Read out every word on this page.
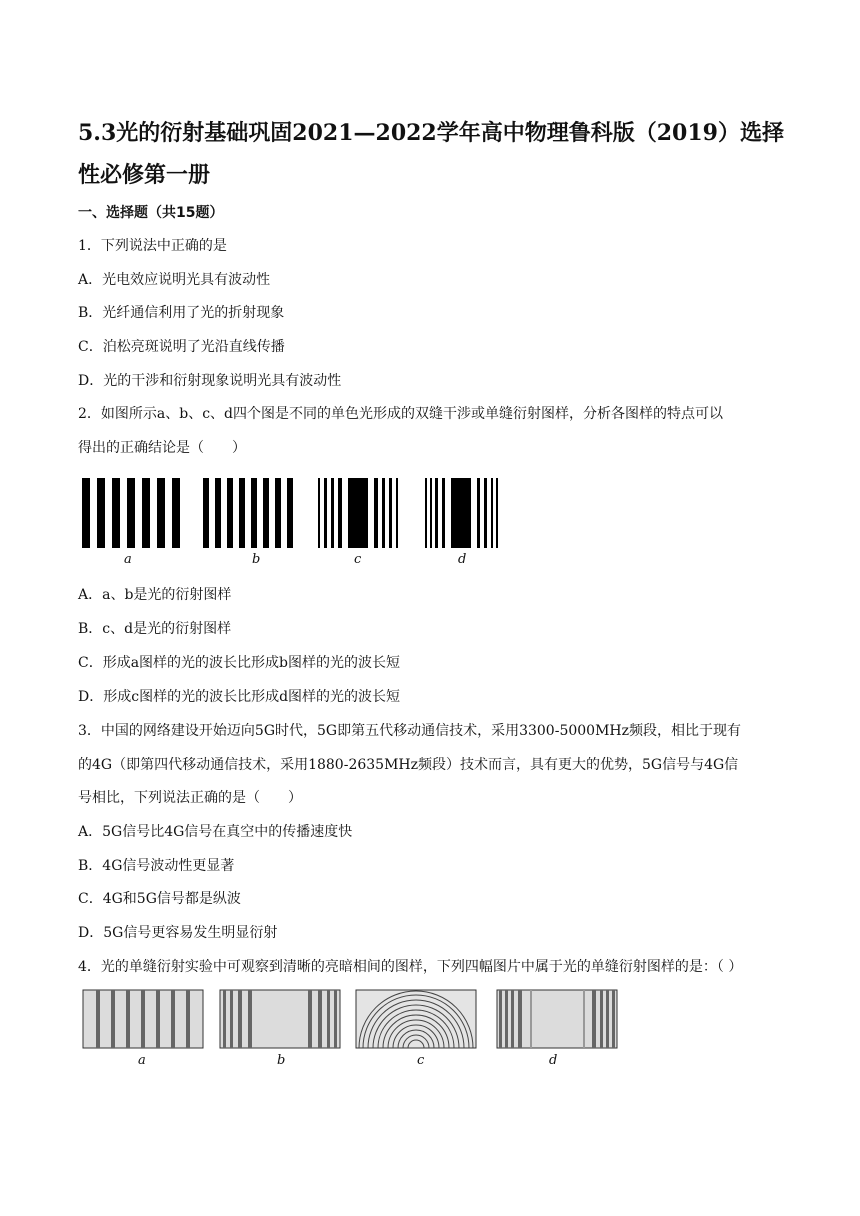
5.3光的衍射基础巩固2021—2022学年高中物理鲁科版（2019）选择性必修第一册
一、选择题（共15题）
1．下列说法中正确的是
A．光电效应说明光具有波动性
B．光纤通信利用了光的折射现象
C．泊松亮斑说明了光沿直线传播
D．光的干涉和衍射现象说明光具有波动性
2．如图所示a、b、c、d四个图是不同的单色光形成的双缝干涉或单缝衍射图样，分析各图样的特点可以
得出的正确结论是（　　）
a	b	c	d
A．a、b是光的衍射图样
B．c、d是光的衍射图样
C．形成a图样的光的波长比形成b图样的光的波长短
D．形成c图样的光的波长比形成d图样的光的波长短
3．中国的网络建设开始迈向5G时代，5G即第五代移动通信技术，采用3300-5000MHz频段，相比于现有
的4G（即第四代移动通信技术，采用1880-2635MHz频段）技术而言，具有更大的优势，5G信号与4G信
号相比，下列说法正确的是（　　）
A．5G信号比4G信号在真空中的传播速度快
B．4G信号波动性更显著
C．4G和5G信号都是纵波
D．5G信号更容易发生明显衍射
4．光的单缝衍射实验中可观察到清晰的亮暗相间的图样，下列四幅图片中属于光的单缝衍射图样的是：（ ）
a	b	c	d
